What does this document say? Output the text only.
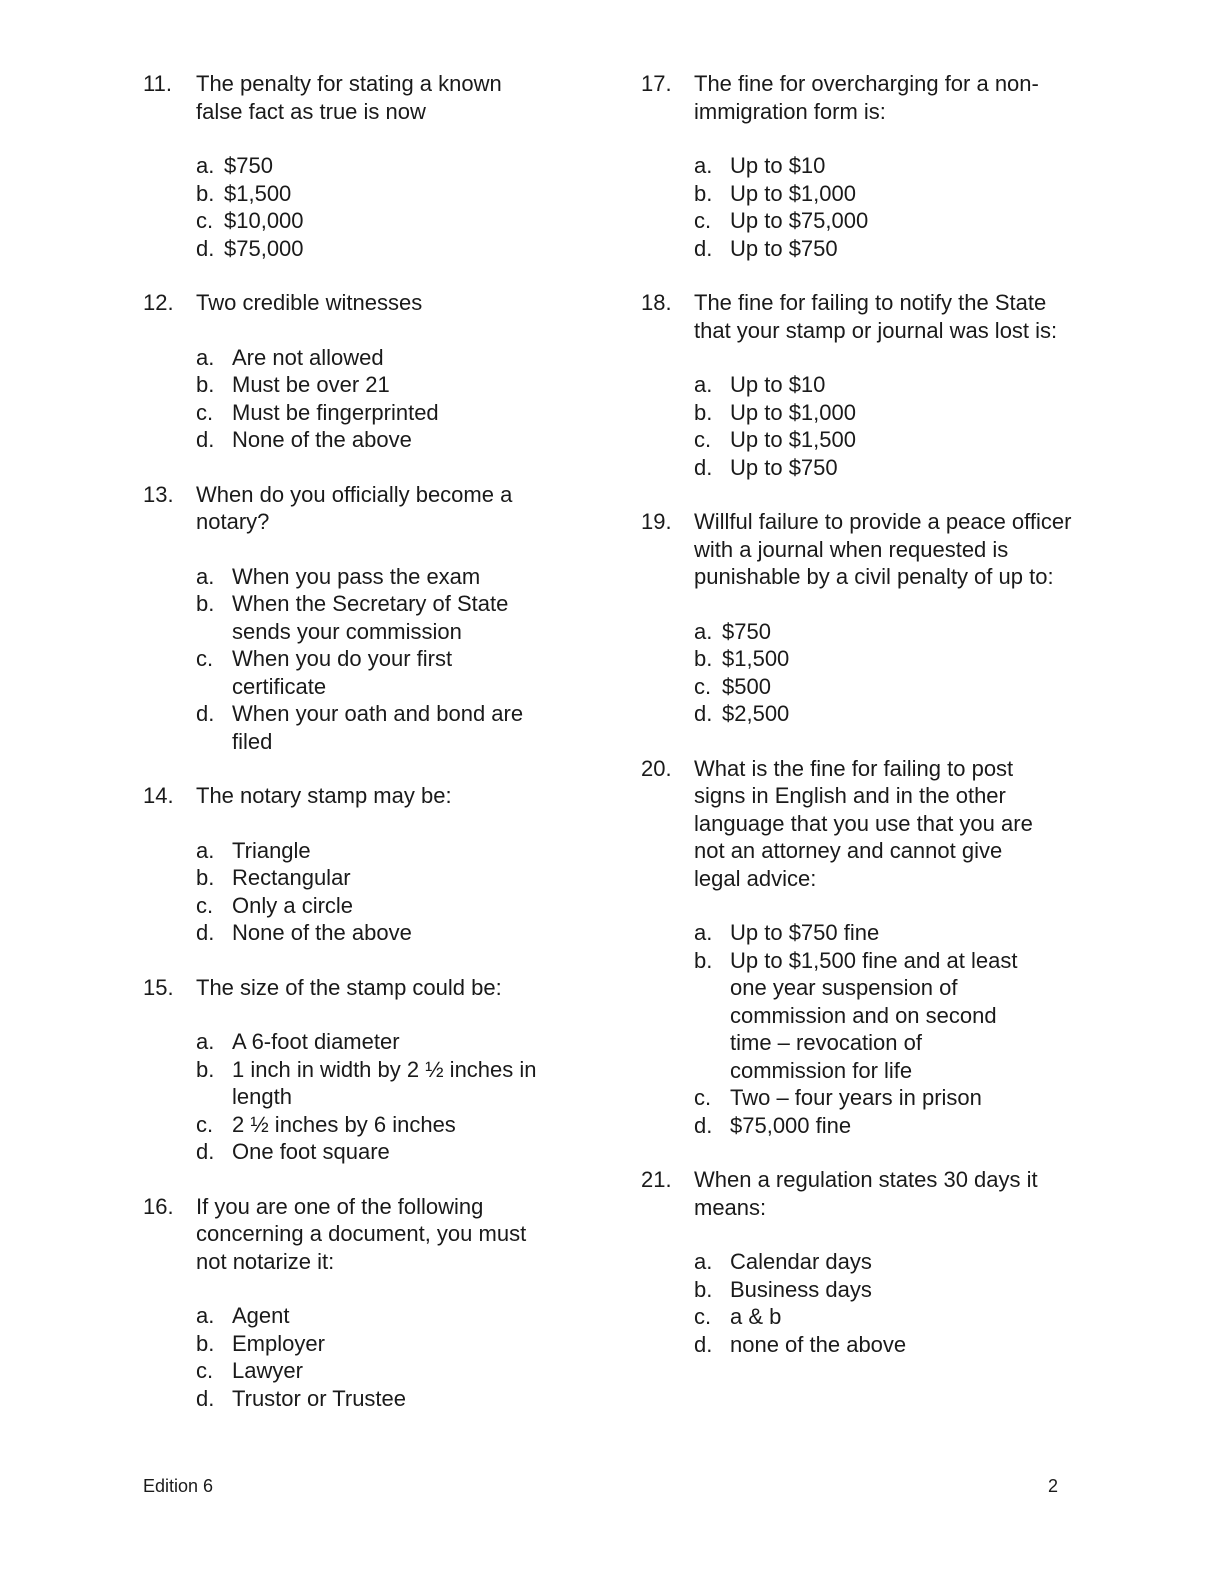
11.	The penalty for stating a known
false fact as true is now
a. $750
b. $1,500
c. $10,000
d. $75,000
12.	Two credible witnesses
a. Are not allowed
b. Must be over 21
c. Must be fingerprinted
d. None of the above
13.	When do you officially become a
notary?
a. When you pass the exam
b. When the Secretary of State
sends your commission
c. When you do your first
certificate
d. When your oath and bond are
filed
14.	The notary stamp may be:
a. Triangle
b. Rectangular
c. Only a circle
d. None of the above
15.	The size of the stamp could be:
a. A 6-foot diameter
b. 1 inch in width by 2 ½ inches in
length
c. 2 ½ inches by 6 inches
d. One foot square
16.	If you are one of the following
concerning a document, you must
not notarize it:
a. Agent
b. Employer
c. Lawyer
d. Trustor or Trustee
17.	The fine for overcharging for a non-
immigration form is:
a. Up to $10
b. Up to $1,000
c. Up to $75,000
d. Up to $750
18.	The fine for failing to notify the State
that your stamp or journal was lost is:
a. Up to $10
b. Up to $1,000
c. Up to $1,500
d. Up to $750
19.	Willful failure to provide a peace officer
with a journal when requested is
punishable by a civil penalty of up to:
a. $750
b. $1,500
c. $500
d. $2,500
20.	What is the fine for failing to post
signs in English and in the other
language that you use that you are
not an attorney and cannot give
legal advice:
a. Up to $750 fine
b. Up to $1,500 fine and at least
one year suspension of
commission and on second
time – revocation of
commission for life
c. Two – four years in prison
d. $75,000 fine
21.	When a regulation states 30 days it
means:
a. Calendar days
b. Business days
c. a & b
d. none of the above
Edition 6	2
